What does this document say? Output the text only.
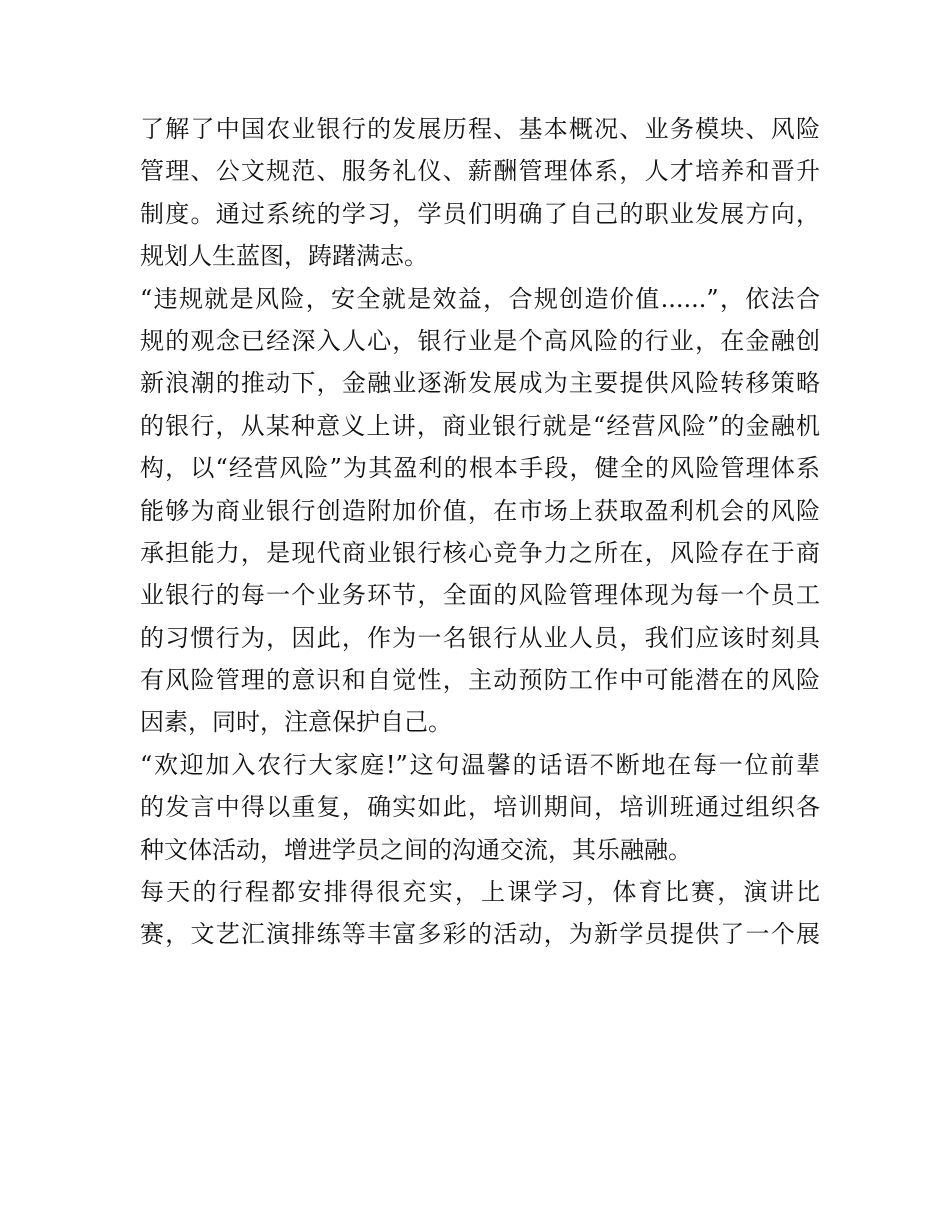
了解了中国农业银行的发展历程、基本概况、业务模块、风险
管理、公文规范、服务礼仪、薪酬管理体系，人才培养和晋升
制度。通过系统的学习，学员们明确了自己的职业发展方向，
规划人生蓝图，踌躇满志。
“违规就是风险，安全就是效益，合规创造价值......”，依法合
规的观念已经深入人心，银行业是个高风险的行业，在金融创
新浪潮的推动下，金融业逐渐发展成为主要提供风险转移策略
的银行，从某种意义上讲，商业银行就是“经营风险”的金融机
构，以“经营风险”为其盈利的根本手段，健全的风险管理体系
能够为商业银行创造附加价值，在市场上获取盈利机会的风险
承担能力，是现代商业银行核心竞争力之所在，风险存在于商
业银行的每一个业务环节，全面的风险管理体现为每一个员工
的习惯行为，因此，作为一名银行从业人员，我们应该时刻具
有风险管理的意识和自觉性，主动预防工作中可能潜在的风险
因素，同时，注意保护自己。
“欢迎加入农行大家庭!”这句温馨的话语不断地在每一位前辈
的发言中得以重复，确实如此，培训期间，培训班通过组织各
种文体活动，增进学员之间的沟通交流，其乐融融。
每天的行程都安排得很充实，上课学习，体育比赛，演讲比
赛，文艺汇演排练等丰富多彩的活动，为新学员提供了一个展
